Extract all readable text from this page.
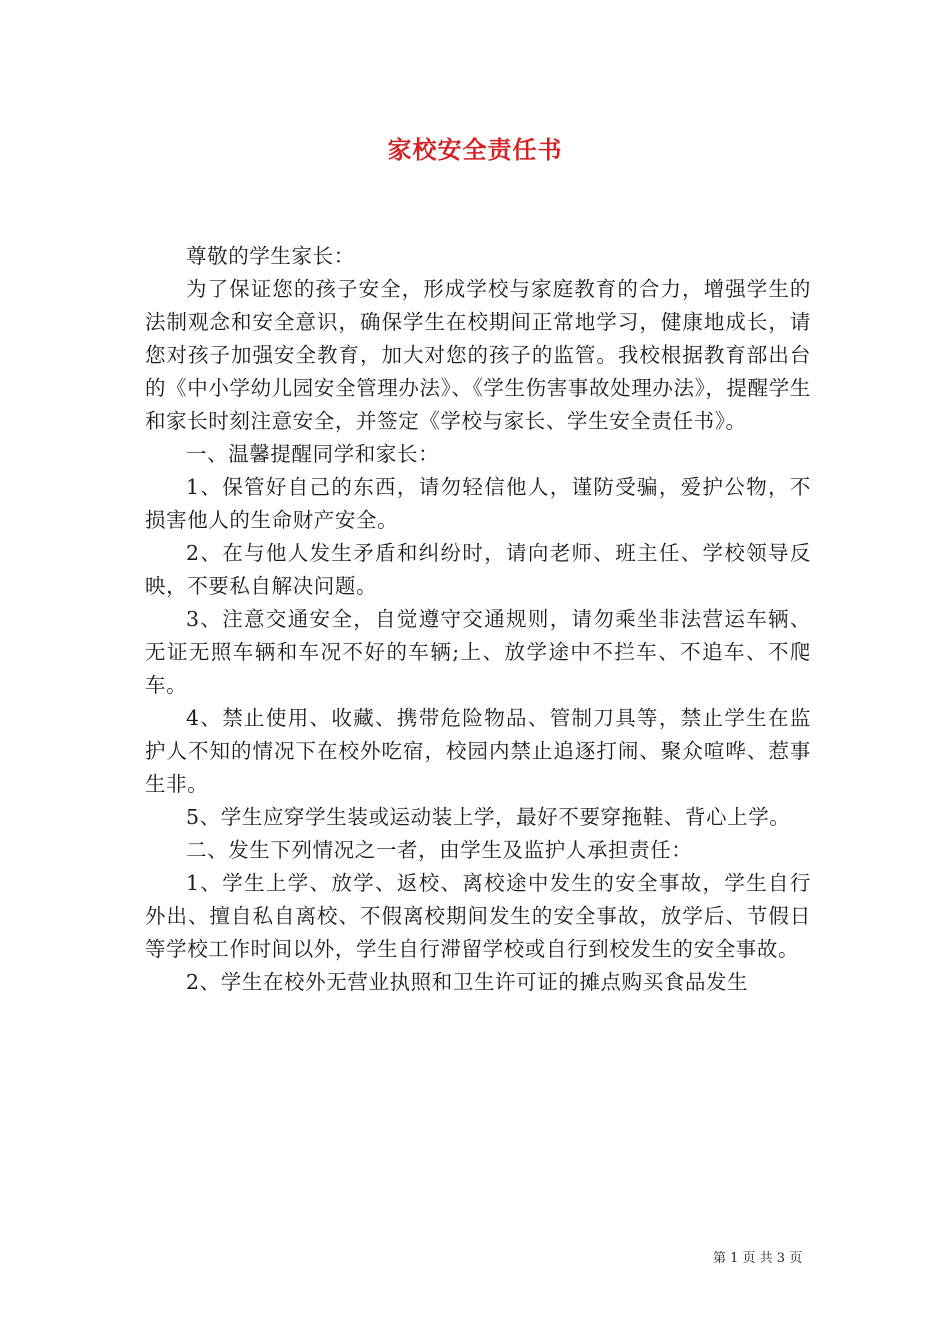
家校安全责任书

尊敬的学生家长：

为了保证您的孩子安全，形成学校与家庭教育的合力，增强学生的法制观念和安全意识，确保学生在校期间正常地学习，健康地成长，请您对孩子加强安全教育，加大对您的孩子的监管。我校根据教育部出台的《中小学幼儿园安全管理办法》、《学生伤害事故处理办法》，提醒学生和家长时刻注意安全，并签定《学校与家长、学生安全责任书》。

一、温馨提醒同学和家长：

1、保管好自己的东西，请勿轻信他人，谨防受骗，爱护公物，不损害他人的生命财产安全。

2、在与他人发生矛盾和纠纷时，请向老师、班主任、学校领导反映，不要私自解决问题。

3、注意交通安全，自觉遵守交通规则，请勿乘坐非法营运车辆、无证无照车辆和车况不好的车辆;上、放学途中不拦车、不追车、不爬车。

4、禁止使用、收藏、携带危险物品、管制刀具等，禁止学生在监护人不知的情况下在校外吃宿，校园内禁止追逐打闹、聚众喧哗、惹事生非。

5、学生应穿学生装或运动装上学，最好不要穿拖鞋、背心上学。

二、发生下列情况之一者，由学生及监护人承担责任：

1、学生上学、放学、返校、离校途中发生的安全事故，学生自行外出、擅自私自离校、不假离校期间发生的安全事故，放学后、节假日等学校工作时间以外，学生自行滞留学校或自行到校发生的安全事故。

2、学生在校外无营业执照和卫生许可证的摊点购买食品发生

第 1 页 共 3 页
